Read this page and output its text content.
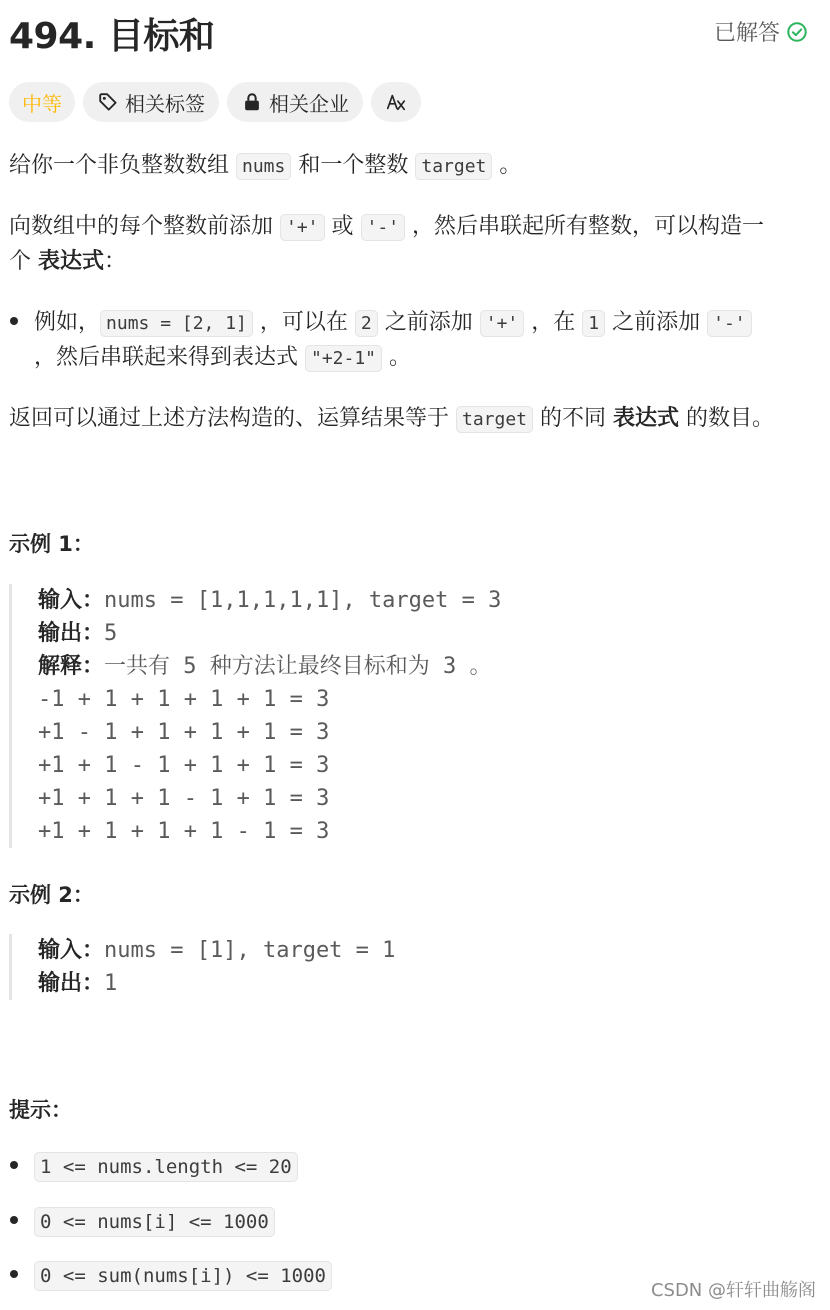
494. 目标和	已解答
中等	相关标签	相关企业
给你一个非负整数数组 nums 和一个整数 target 。
向数组中的每个整数前添加 '+' 或 '-' ，然后串联起所有整数，可以构造一
个 表达式：
例如， nums = [2, 1] ，可以在 2 之前添加 '+' ，在 1 之前添加 '-'
，然后串联起来得到表达式 "+2-1" 。
返回可以通过上述方法构造的、运算结果等于 target 的不同 表达式 的数目。
示例 1：
输入：nums = [1,1,1,1,1], target = 3
输出：5
解释：一共有 5 种方法让最终目标和为 3 。
-1 + 1 + 1 + 1 + 1 = 3
+1 - 1 + 1 + 1 + 1 = 3
+1 + 1 - 1 + 1 + 1 = 3
+1 + 1 + 1 - 1 + 1 = 3
+1 + 1 + 1 + 1 - 1 = 3
示例 2：
输入：nums = [1], target = 1
输出：1
提示：
1 <= nums.length <= 20
0 <= nums[i] <= 1000
0 <= sum(nums[i]) <= 1000
CSDN @轩轩曲觞阁
